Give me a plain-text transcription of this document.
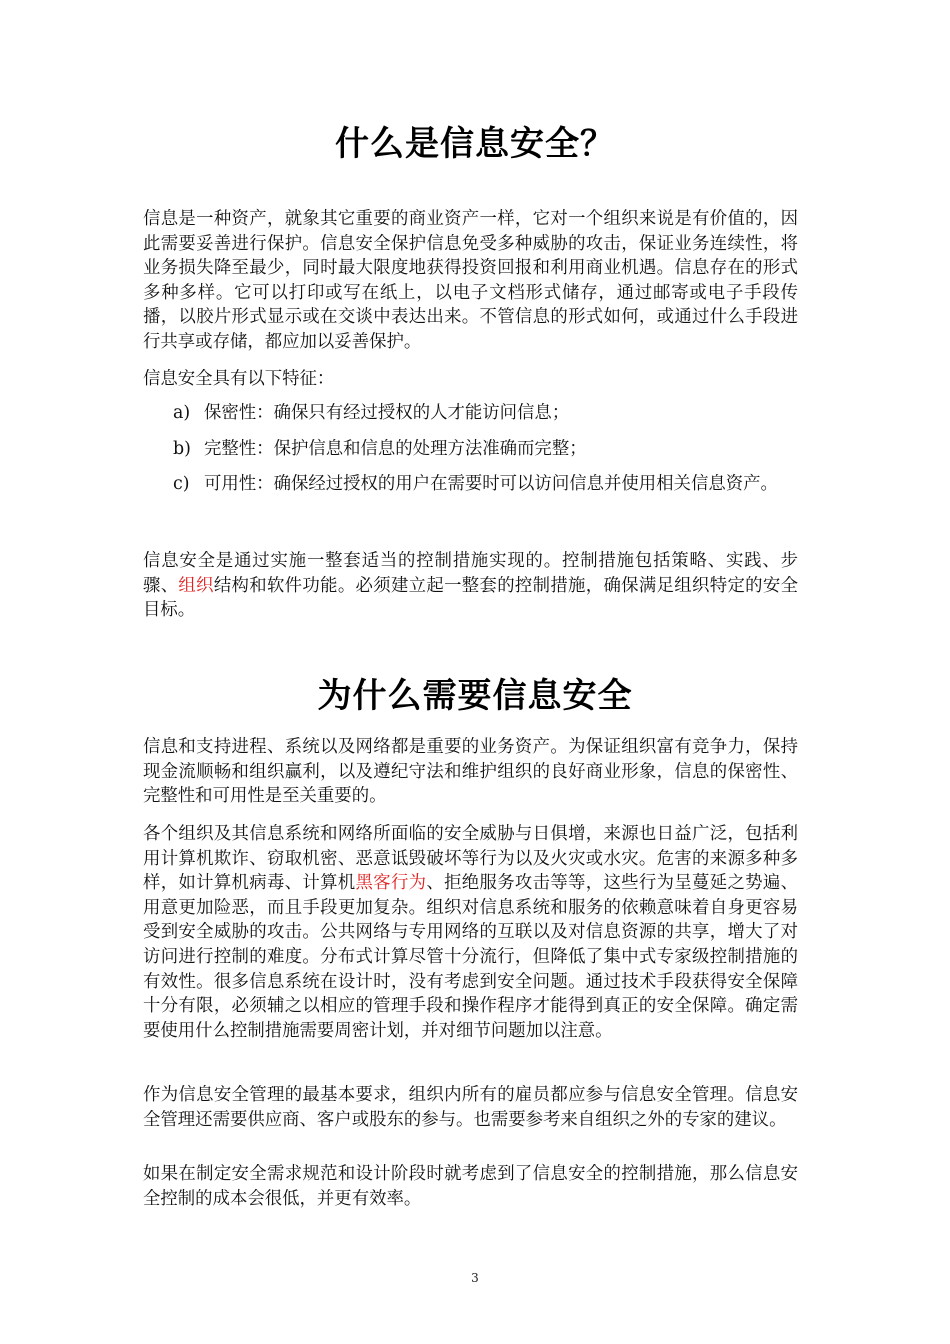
什么是信息安全？

信息是一种资产，就象其它重要的商业资产一样，它对一个组织来说是有价值的，因此需要妥善进行保护。信息安全保护信息免受多种威胁的攻击，保证业务连续性，将业务损失降至最少，同时最大限度地获得投资回报和利用商业机遇。信息存在的形式多种多样。它可以打印或写在纸上，以电子文档形式储存，通过邮寄或电子手段传播，以胶片形式显示或在交谈中表达出来。不管信息的形式如何，或通过什么手段进行共享或存储，都应加以妥善保护。

信息安全具有以下特征：

a) 保密性：确保只有经过授权的人才能访问信息；
b) 完整性：保护信息和信息的处理方法准确而完整；
c) 可用性：确保经过授权的用户在需要时可以访问信息并使用相关信息资产。

信息安全是通过实施一整套适当的控制措施实现的。控制措施包括策略、实践、步骤、组织结构和软件功能。必须建立起一整套的控制措施，确保满足组织特定的安全目标。

为什么需要信息安全

信息和支持进程、系统以及网络都是重要的业务资产。为保证组织富有竞争力，保持现金流顺畅和组织赢利，以及遵纪守法和维护组织的良好商业形象，信息的保密性、完整性和可用性是至关重要的。

各个组织及其信息系统和网络所面临的安全威胁与日俱增，来源也日益广泛，包括利用计算机欺诈、窃取机密、恶意诋毁破坏等行为以及火灾或水灾。危害的来源多种多样，如计算机病毒、计算机黑客行为、拒绝服务攻击等等，这些行为呈蔓延之势遍、用意更加险恶，而且手段更加复杂。组织对信息系统和服务的依赖意味着自身更容易受到安全威胁的攻击。公共网络与专用网络的互联以及对信息资源的共享，增大了对访问进行控制的难度。分布式计算尽管十分流行，但降低了集中式专家级控制措施的有效性。很多信息系统在设计时，没有考虑到安全问题。通过技术手段获得安全保障十分有限，必须辅之以相应的管理手段和操作程序才能得到真正的安全保障。确定需要使用什么控制措施需要周密计划，并对细节问题加以注意。

作为信息安全管理的最基本要求，组织内所有的雇员都应参与信息安全管理。信息安全管理还需要供应商、客户或股东的参与。也需要参考来自组织之外的专家的建议。

如果在制定安全需求规范和设计阶段时就考虑到了信息安全的控制措施，那么信息安全控制的成本会很低，并更有效率。

3
